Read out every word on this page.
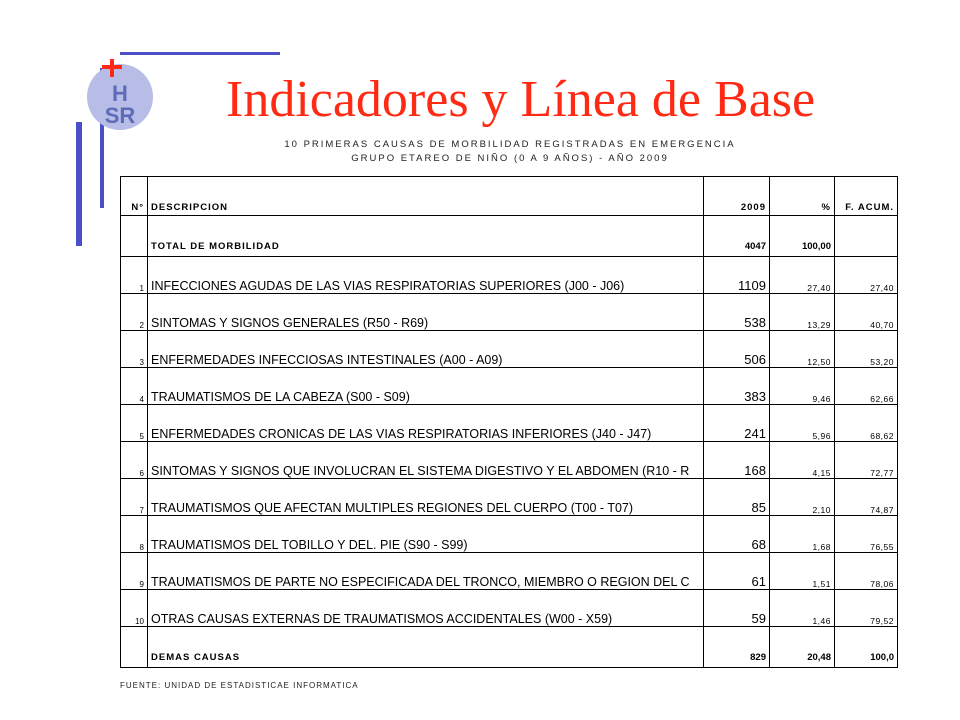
H
SR Indicadores y Línea de Base
10 PRIMERAS CAUSAS DE MORBILIDAD REGISTRADAS EN EMERGENCIA
GRUPO ETAREO DE NIÑO (0 A 9 AÑOS) - AÑO 2009
N°	DESCRIPCION	2009	%	F. ACUM.
	TOTAL DE MORBILIDAD	4047	100,00	
1	INFECCIONES AGUDAS DE LAS VIAS RESPIRATORIAS SUPERIORES (J00 - J06)	1109	27,40	27,40
2	SINTOMAS Y SIGNOS GENERALES (R50 - R69)	538	13,29	40,70
3	ENFERMEDADES INFECCIOSAS INTESTINALES (A00 - A09)	506	12,50	53,20
4	TRAUMATISMOS DE LA CABEZA (S00 - S09)	383	9,46	62,66
5	ENFERMEDADES CRONICAS DE LAS VIAS RESPIRATORIAS INFERIORES (J40 - J47)	241	5,96	68,62
6	SINTOMAS Y SIGNOS QUE INVOLUCRAN EL SISTEMA DIGESTIVO Y EL ABDOMEN (R10 - R	168	4,15	72,77
7	TRAUMATISMOS QUE AFECTAN MULTIPLES REGIONES DEL CUERPO (T00 - T07)	85	2,10	74,87
8	TRAUMATISMOS DEL TOBILLO Y DEL. PIE (S90 - S99)	68	1,68	76,55
9	TRAUMATISMOS DE PARTE NO ESPECIFICADA DEL TRONCO, MIEMBRO O REGION DEL C	61	1,51	78,06
10	OTRAS CAUSAS EXTERNAS DE TRAUMATISMOS ACCIDENTALES (W00 - X59)	59	1,46	79,52
	DEMAS CAUSAS	829	20,48	100,0
FUENTE: UNIDAD DE ESTADISTICAE INFORMATICA
